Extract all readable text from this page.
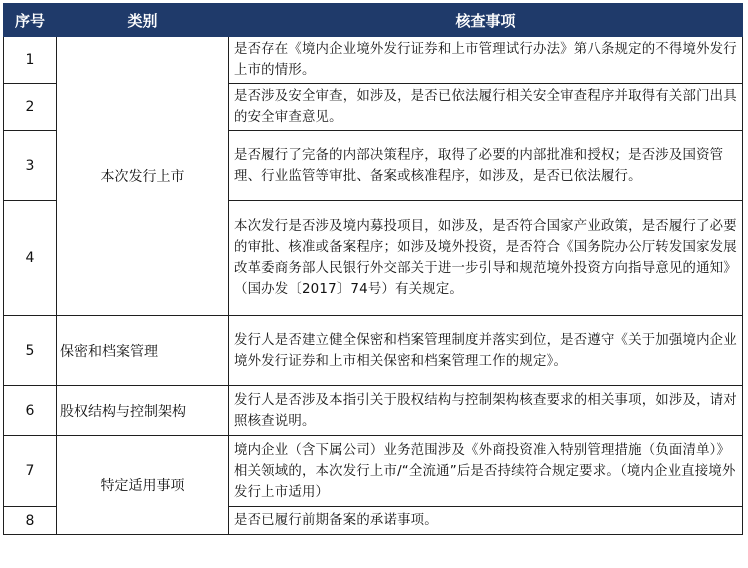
序号	类别	核查事项
1	本次发行上市	是否存在《境内企业境外发行证券和上市管理试行办法》第八条规定的不得境外发行上市的情形。
2		是否涉及安全审查，如涉及，是否已依法履行相关安全审查程序并取得有关部门出具的安全审查意见。
3		是否履行了完备的内部决策程序，取得了必要的内部批准和授权；是否涉及国资管理、行业监管等审批、备案或核准程序，如涉及，是否已依法履行。
4		本次发行是否涉及境内募投项目，如涉及，是否符合国家产业政策，是否履行了必要的审批、核准或备案程序；如涉及境外投资，是否符合《国务院办公厅转发国家发展改革委商务部人民银行外交部关于进一步引导和规范境外投资方向指导意见的通知》（国办发〔2017〕74号）有关规定。
5	保密和档案管理	发行人是否建立健全保密和档案管理制度并落实到位，是否遵守《关于加强境内企业境外发行证券和上市相关保密和档案管理工作的规定》。
6	股权结构与控制架构	发行人是否涉及本指引关于股权结构与控制架构核查要求的相关事项，如涉及，请对照核查说明。
7	特定适用事项	境内企业（含下属公司）业务范围涉及《外商投资准入特别管理措施（负面清单）》相关领域的，本次发行上市/“全流通”后是否持续符合规定要求。（境内企业直接境外发行上市适用）
8		是否已履行前期备案的承诺事项。
